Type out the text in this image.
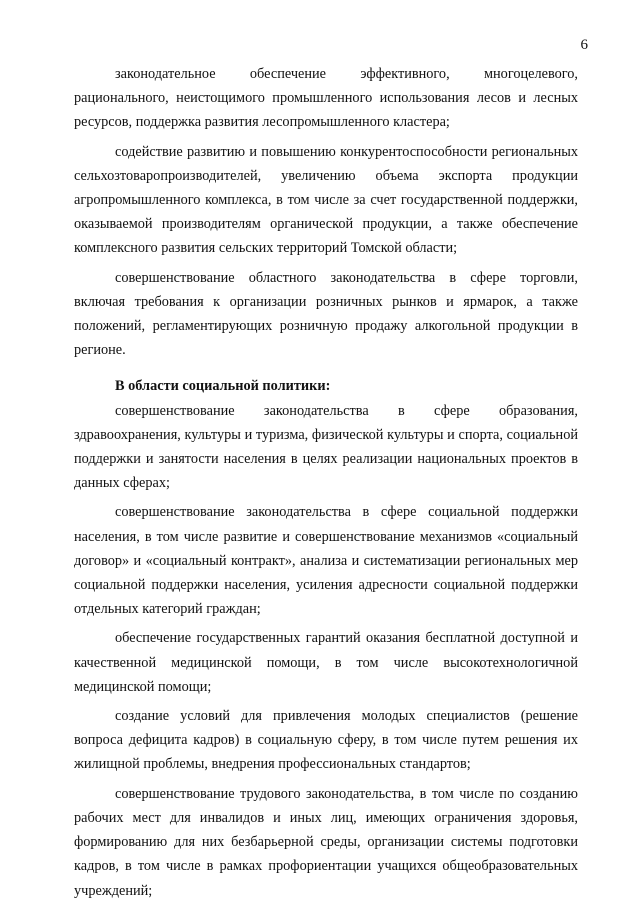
6

законодательное обеспечение эффективного, многоцелевого, рационального, неистощимого промышленного использования лесов и лесных ресурсов, поддержка развития лесопромышленного кластера;

содействие развитию и повышению конкурентоспособности региональных сельхозтоваропроизводителей, увеличению объема экспорта продукции агропромышленного комплекса, в том числе за счет государственной поддержки, оказываемой производителям органической продукции, а также обеспечение комплексного развития сельских территорий Томской области;

совершенствование областного законодательства в сфере торговли, включая требования к организации розничных рынков и ярмарок, а также положений, регламентирующих розничную продажу алкогольной продукции в регионе.

В области социальной политики:

совершенствование законодательства в сфере образования, здравоохранения, культуры и туризма, физической культуры и спорта, социальной поддержки и занятости населения в целях реализации национальных проектов в данных сферах;

совершенствование законодательства в сфере социальной поддержки населения, в том числе развитие и совершенствование механизмов «социальный договор» и «социальный контракт», анализа и систематизации региональных мер социальной поддержки населения, усиления адресности социальной поддержки отдельных категорий граждан;

обеспечение государственных гарантий оказания бесплатной доступной и качественной медицинской помощи, в том числе высокотехнологичной медицинской помощи;

создание условий для привлечения молодых специалистов (решение вопроса дефицита кадров) в социальную сферу, в том числе путем решения их жилищной проблемы, внедрения профессиональных стандартов;

совершенствование трудового законодательства, в том числе по созданию рабочих мест для инвалидов и иных лиц, имеющих ограничения здоровья, формированию для них безбарьерной среды, организации системы подготовки кадров, в том числе в рамках профориентации учащихся общеобразовательных учреждений;
